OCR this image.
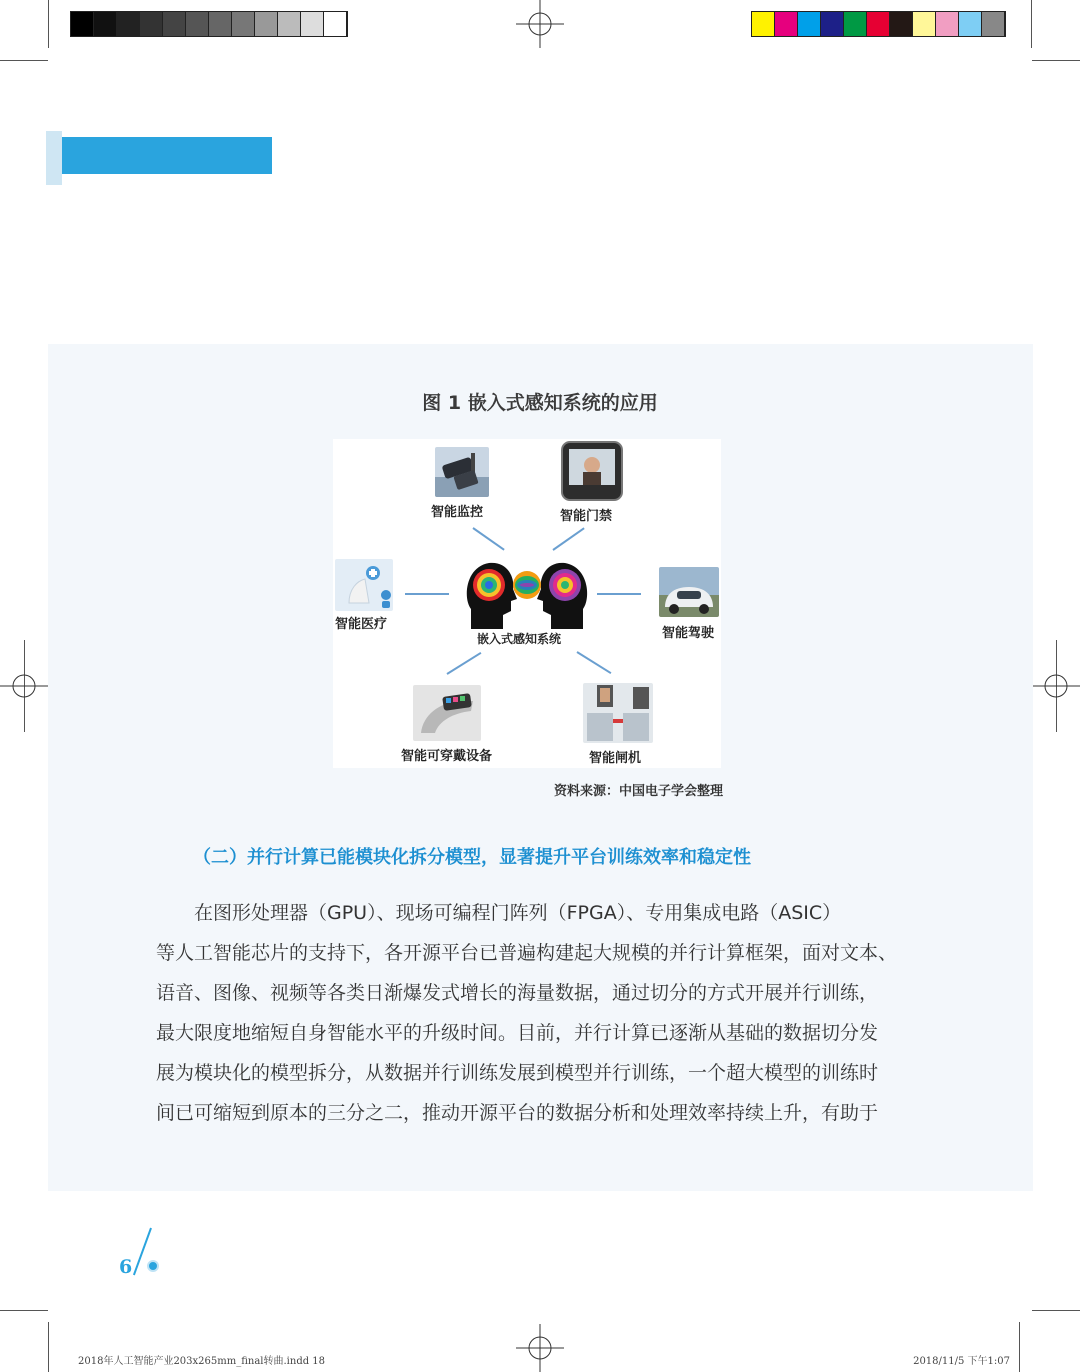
图 1 嵌入式感知系统的应用
智能监控	智能门禁
智能医疗
嵌入式感知系统	智能驾驶
智能可穿戴设备	智能闸机
资料来源：中国电子学会整理
（二）并行计算已能模块化拆分模型，显著提升平台训练效率和稳定性
在图形处理器（GPU）、现场可编程门阵列（FPGA）、专用集成电路（ASIC）
等人工智能芯片的支持下，各开源平台已普遍构建起大规模的并行计算框架，面对文本、
语音、图像、视频等各类日渐爆发式增长的海量数据，通过切分的方式开展并行训练，
最大限度地缩短自身智能水平的升级时间。目前，并行计算已逐渐从基础的数据切分发
展为模块化的模型拆分，从数据并行训练发展到模型并行训练，一个超大模型的训练时
间已可缩短到原本的三分之二，推动开源平台的数据分析和处理效率持续上升，有助于
6
2018年人工智能产业203x265mm_final转曲.indd 18	2018/11/5 下午1:07
